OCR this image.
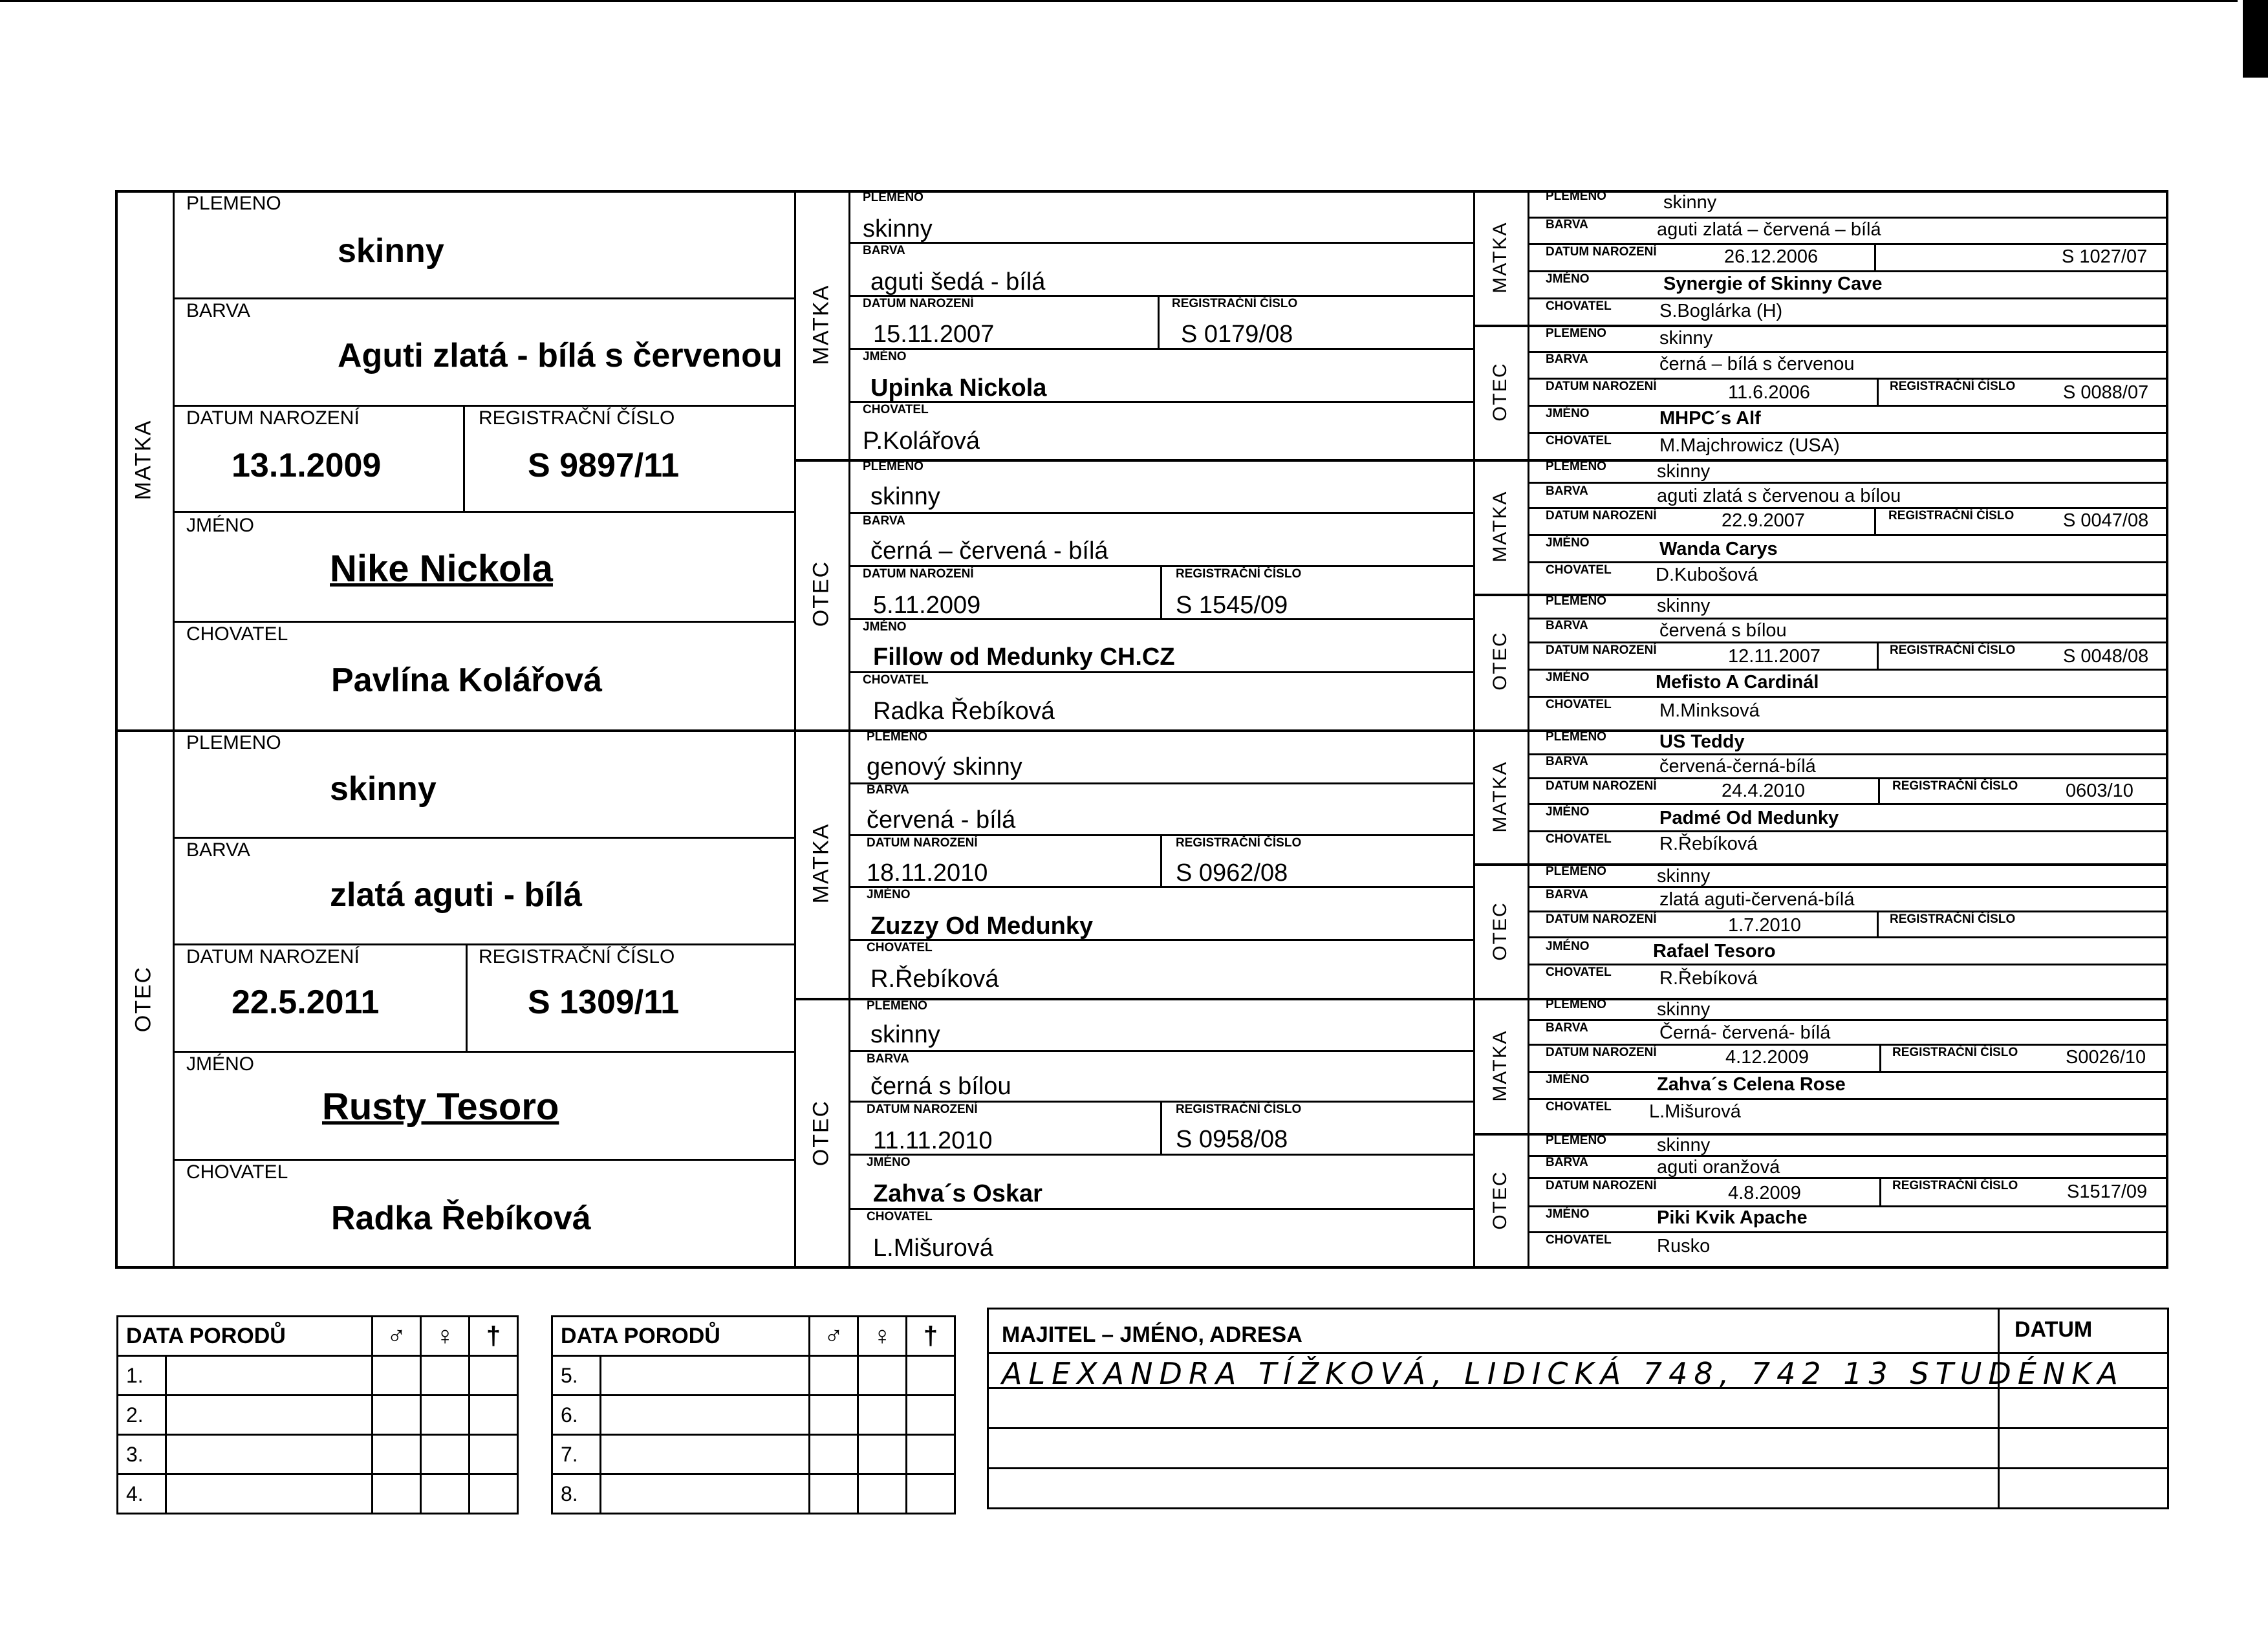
MATKA
PLEMENO
skinny
BARVA
Aguti zlatá - bílá s červenou
DATUM NAROZENÍ	REGISTRAČNÍ ČÍSLO
13.1.2009	S 9897/11
JMÉNO
Nike Nickola
CHOVATEL
Pavlína Kolářová
OTEC
PLEMENO
skinny
BARVA
zlatá aguti - bílá
DATUM NAROZENÍ	REGISTRAČNÍ ČÍSLO
22.5.2011	S 1309/11
JMÉNO
Rusty Tesoro
CHOVATEL
Radka Řebíková
MATKA
PLEMENO
skinny
BARVA
aguti šedá - bílá
DATUM NAROZENÍ	REGISTRAČNÍ ČÍSLO
15.11.2007	S 0179/08
JMÉNO
Upinka Nickola
CHOVATEL
P.Kolářová
OTEC
PLEMENO
skinny
BARVA
černá – červená - bílá
DATUM NAROZENÍ	REGISTRAČNÍ ČÍSLO
5.11.2009	S 1545/09
JMÉNO
Fillow od Medunky CH.CZ
CHOVATEL
Radka Řebíková
MATKA
PLEMENO
genový skinny
BARVA
červená - bílá
DATUM NAROZENÍ	REGISTRAČNÍ ČÍSLO
18.11.2010	S 0962/08
JMÉNO
Zuzzy Od Medunky
CHOVATEL
R.Řebíková
OTEC
PLEMENO
skinny
BARVA
černá s bílou
DATUM NAROZENÍ	REGISTRAČNÍ ČÍSLO
11.11.2010	S 0958/08
JMÉNO
Zahva´s Oskar
CHOVATEL
L.Mišurová
MATKA
PLEMENO	skinny
BARVA	aguti zlatá – červená – bílá
DATUM NAROZENÍ	26.12.2006	S 1027/07
JMÉNO	Synergie of Skinny Cave
CHOVATEL	S.Boglárka (H)
OTEC
PLEMENO	skinny
BARVA	černá – bílá s červenou
DATUM NAROZENÍ	11.6.2006	REGISTRAČNÍ ČÍSLO	S 0088/07
JMÉNO	MHPC´s Alf
CHOVATEL	M.Majchrowicz (USA)
MATKA
PLEMENO	skinny
BARVA	aguti zlatá s červenou a bílou
DATUM NAROZENÍ	22.9.2007	REGISTRAČNÍ ČÍSLO	S 0047/08
JMÉNO	Wanda Carys
CHOVATEL D.Kubošová
OTEC
PLEMENO	skinny
BARVA	červená s bílou
DATUM NAROZENÍ	12.11.2007	REGISTRAČNÍ ČÍSLO	S 0048/08
JMÉNO	Mefisto A Cardinál
CHOVATEL	M.Minksová
MATKA
PLEMENO	US Teddy
BARVA	červená-černá-bílá
DATUM NAROZENÍ	24.4.2010	REGISTRAČNÍ ČÍSLO	0603/10
JMÉNO	Padmé Od Medunky
CHOVATEL	R.Řebíková
OTEC
PLEMENO	skinny
BARVA	zlatá aguti-červená-bílá
DATUM NAROZENÍ	1.7.2010	REGISTRAČNÍ ČÍSLO
JMÉNO	Rafael Tesoro
CHOVATEL	R.Řebíková
MATKA
PLEMENO	skinny
BARVA	Černá- červená- bílá
DATUM NAROZENÍ	4.12.2009	REGISTRAČNÍ ČÍSLO	S0026/10
JMÉNO	Zahva´s Celena Rose
CHOVATEL L.Mišurová
OTEC
PLEMENO	skinny
BARVA	aguti oranžová
DATUM NAROZENÍ	4.8.2009	REGISTRAČNÍ ČÍSLO	S1517/09
JMÉNO	Piki Kvik Apache
CHOVATEL Rusko
DATA PORODŮ		♂	♀	†
1.				
2.				
3.				
4.				
DATA PORODŮ		♂	♀	†
5.				
6.				
7.				
8.				
MAJITEL – JMÉNO, ADRESA	DATUM
ALEXANDRA TÍŽKOVÁ, LIDICKÁ 748, 742 13 STUDÉNKA
